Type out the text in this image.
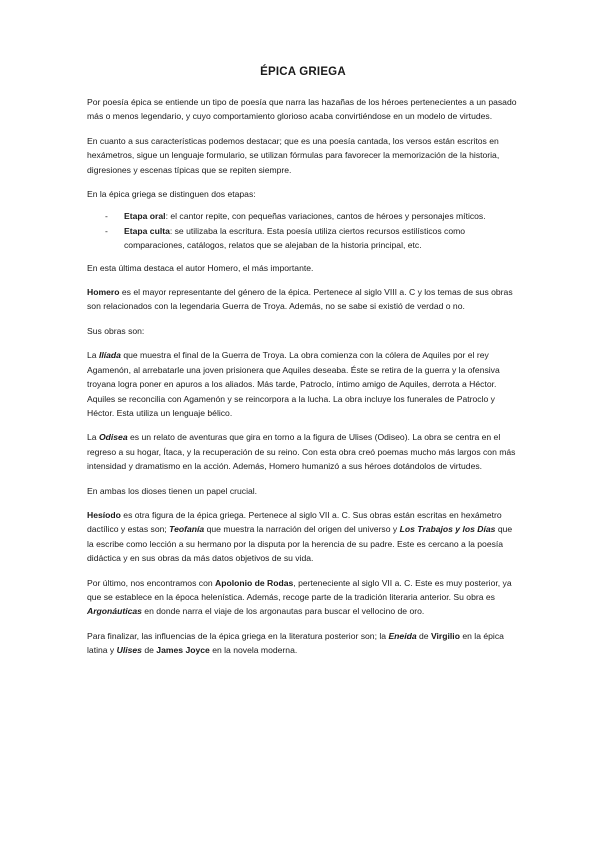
ÉPICA GRIEGA

Por poesía épica se entiende un tipo de poesía que narra las hazañas de los héroes pertenecientes a un pasado más o menos legendario, y cuyo comportamiento glorioso acaba convirtiéndose en un modelo de virtudes.

En cuanto a sus características podemos destacar; que es una poesía cantada, los versos están escritos en hexámetros, sigue un lenguaje formulario, se utilizan fórmulas para favorecer la memorización de la historia, digresiones y escenas típicas que se repiten siempre.

En la épica griega se distinguen dos etapas:

- Etapa oral: el cantor repite, con pequeñas variaciones, cantos de héroes y personajes míticos.
- Etapa culta: se utilizaba la escritura. Esta poesía utiliza ciertos recursos estilísticos como comparaciones, catálogos, relatos que se alejaban de la historia principal, etc.

En esta última destaca el autor Homero, el más importante.

Homero es el mayor representante del género de la épica. Pertenece al siglo VIII a. C y los temas de sus obras son relacionados con la legendaria Guerra de Troya. Además, no se sabe si existió de verdad o no.

Sus obras son:

La Ilíada que muestra el final de la Guerra de Troya. La obra comienza con la cólera de Aquiles por el rey Agamenón, al arrebatarle una joven prisionera que Aquiles deseaba. Éste se retira de la guerra y la ofensiva troyana logra poner en apuros a los aliados. Más tarde, Patroclo, íntimo amigo de Aquiles, derrota a Héctor. Aquiles se reconcilia con Agamenón y se reincorpora a la lucha. La obra incluye los funerales de Patroclo y Héctor. Esta utiliza un lenguaje bélico.

La Odisea es un relato de aventuras que gira en torno a la figura de Ulises (Odiseo). La obra se centra en el regreso a su hogar, Ítaca, y la recuperación de su reino. Con esta obra creó poemas mucho más largos con más intensidad y dramatismo en la acción. Además, Homero humanizó a sus héroes dotándolos de virtudes.

En ambas los dioses tienen un papel crucial.

Hesíodo es otra figura de la épica griega. Pertenece al siglo VII a. C. Sus obras están escritas en hexámetro dactílico y estas son; Teofanía que muestra la narración del origen del universo y Los Trabajos y los Días que la escribe como lección a su hermano por la disputa por la herencia de su padre. Este es cercano a la poesía didáctica y en sus obras da más datos objetivos de su vida.

Por último, nos encontramos con Apolonio de Rodas, perteneciente al siglo VII a. C. Este es muy posterior, ya que se establece en la época helenística. Además, recoge parte de la tradición literaria anterior. Su obra es Argonáuticas en donde narra el viaje de los argonautas para buscar el vellocino de oro.

Para finalizar, las influencias de la épica griega en la literatura posterior son; la Eneida de Virgilio en la épica latina y Ulises de James Joyce en la novela moderna.
